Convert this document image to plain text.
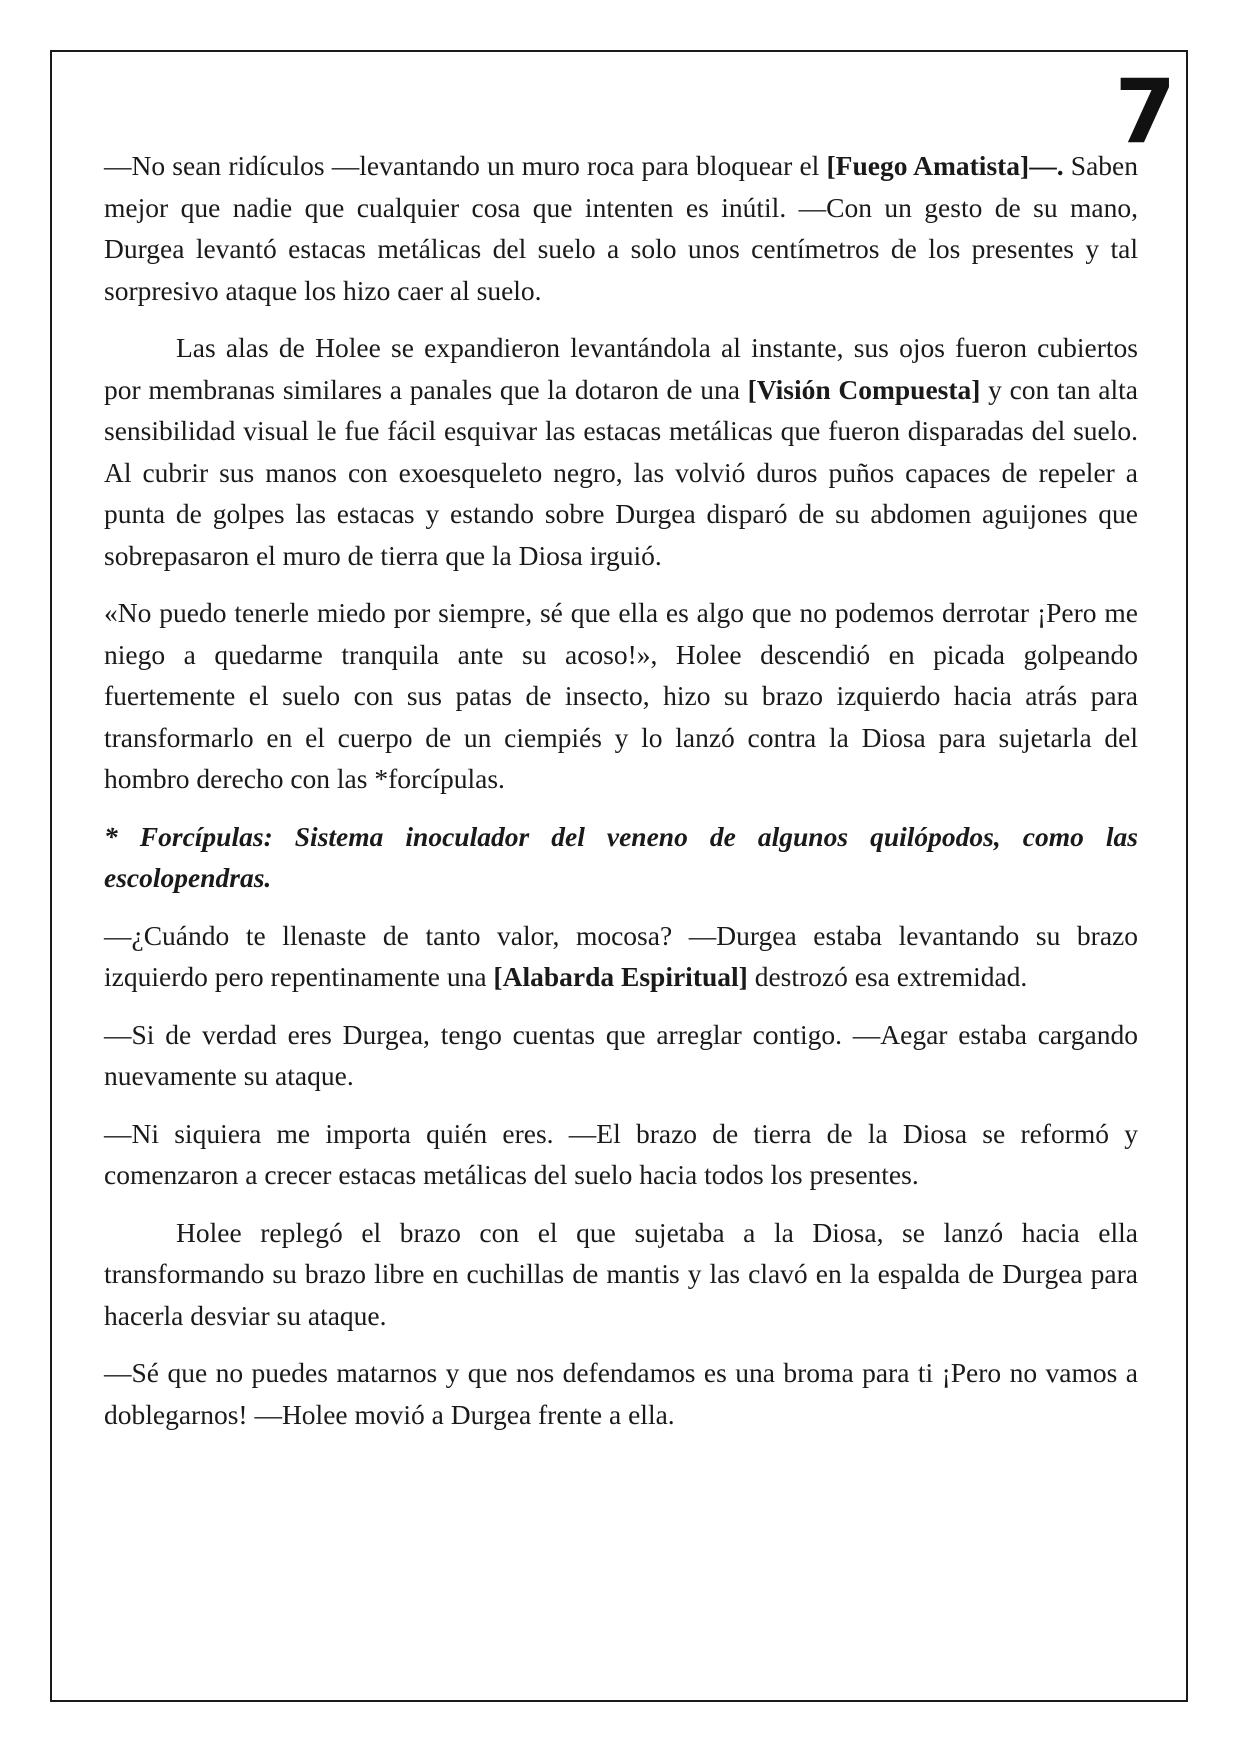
7

—No sean ridículos —levantando un muro roca para bloquear el [Fuego Amatista]—. Saben mejor que nadie que cualquier cosa que intenten es inútil. —Con un gesto de su mano, Durgea levantó estacas metálicas del suelo a solo unos centímetros de los presentes y tal sorpresivo ataque los hizo caer al suelo.

Las alas de Holee se expandieron levantándola al instante, sus ojos fueron cubiertos por membranas similares a panales que la dotaron de una [Visión Compuesta] y con tan alta sensibilidad visual le fue fácil esquivar las estacas metálicas que fueron disparadas del suelo. Al cubrir sus manos con exoesqueleto negro, las volvió duros puños capaces de repeler a punta de golpes las estacas y estando sobre Durgea disparó de su abdomen aguijones que sobrepasaron el muro de tierra que la Diosa irguió.

«No puedo tenerle miedo por siempre, sé que ella es algo que no podemos derrotar ¡Pero me niego a quedarme tranquila ante su acoso!», Holee descendió en picada golpeando fuertemente el suelo con sus patas de insecto, hizo su brazo izquierdo hacia atrás para transformarlo en el cuerpo de un ciempiés y lo lanzó contra la Diosa para sujetarla del hombro derecho con las *forcípulas.

* Forcípulas: Sistema inoculador del veneno de algunos quilópodos, como las escolopendras.

—¿Cuándo te llenaste de tanto valor, mocosa? —Durgea estaba levantando su brazo izquierdo pero repentinamente una [Alabarda Espiritual] destrozó esa extremidad.

—Si de verdad eres Durgea, tengo cuentas que arreglar contigo. —Aegar estaba cargando nuevamente su ataque.

—Ni siquiera me importa quién eres. —El brazo de tierra de la Diosa se reformó y comenzaron a crecer estacas metálicas del suelo hacia todos los presentes.

Holee replegó el brazo con el que sujetaba a la Diosa, se lanzó hacia ella transformando su brazo libre en cuchillas de mantis y las clavó en la espalda de Durgea para hacerla desviar su ataque.

—Sé que no puedes matarnos y que nos defendamos es una broma para ti ¡Pero no vamos a doblegarnos! —Holee movió a Durgea frente a ella.
